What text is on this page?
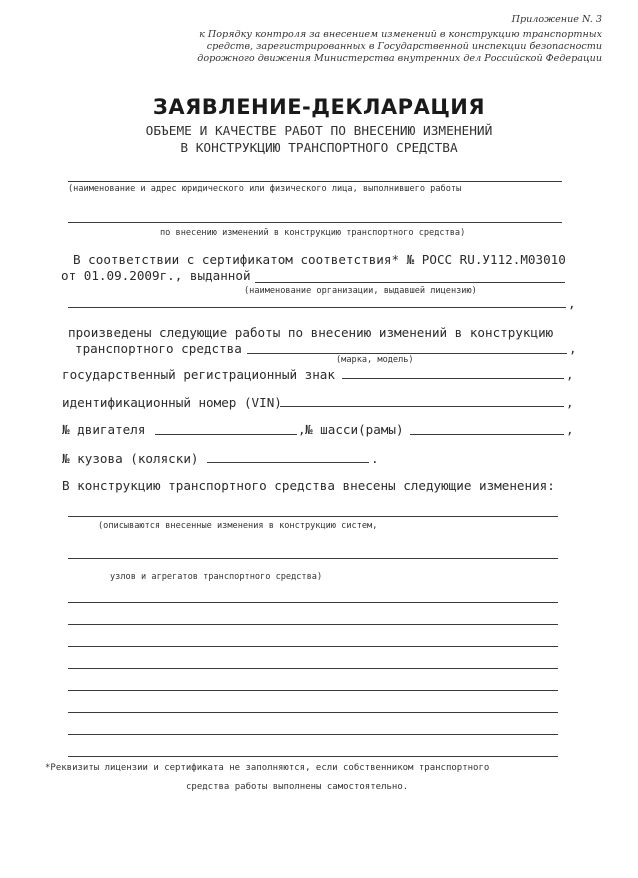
Приложение N. 3
к Порядку контроля за внесением изменений в конструкцию транспортных
средств, зарегистрированных в Государственной инспекции безопасности
дорожного движения Министерства внутренних дел Российской Федерации
ЗАЯВЛЕНИЕ-ДЕКЛАРАЦИЯ
ОБЪЕМЕ И КАЧЕСТВЕ РАБОТ ПО ВНЕСЕНИЮ ИЗМЕНЕНИЙ
В КОНСТРУКЦИЮ ТРАНСПОРТНОГО СРЕДСТВА
(наименование и адрес юридического или физического лица, выполнившего работы
по внесению изменений в конструкцию транспортного средства)
В соответствии с сертификатом соответствия* № РОСС RU.У112.М03010
от 01.09.2009г., выданной
(наименование организации, выдавшей лицензию)
,
произведены следующие работы по внесению изменений в конструкцию
транспортного средства	,
(марка, модель)
государственный регистрационный знак	,
идентификационный номер (VIN)	,
№ двигателя	, № шасси(рамы)	,
№ кузова (коляски)	.
В конструкцию транспортного средства внесены следующие изменения:
(описываются внесенные изменения в конструкцию систем,
узлов и агрегатов транспортного средства)
*Реквизиты лицензии и сертификата не заполняются, если собственником транспортного
средства работы выполнены самостоятельно.
